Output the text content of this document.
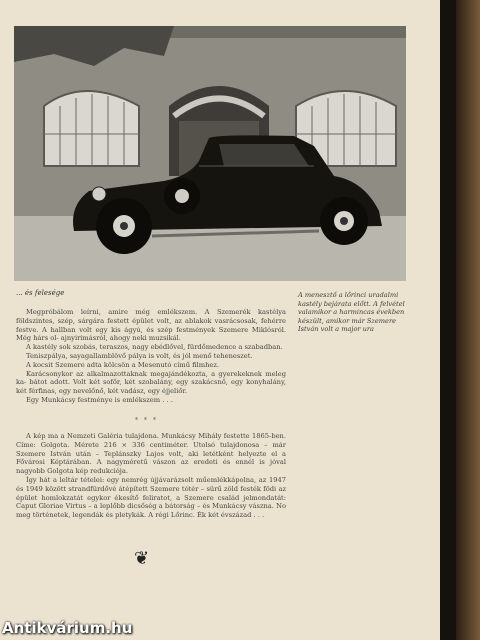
... és felesége	A menesztő a lőrinci uradalmi kastély bejárata előtt. A felvétel valamikor a harmincas években készült, amikor már Szemere István volt a major ura

Megpróbálom leírni, amire még emlékszem. A Szemerék kastélya földszintes, szép, sárgára festett épület volt, az ablakok vasrácsosak, fehérre festve. A hallban volt egy kis ágyú, és szép festmények Szemere Miklósról. Még hárs ol- ajnyirimásról, ahogy neki muzsikál.

A kastély sok szobás, teraszos, nagy ebédlővel, fürdőmedence a szabadban.

Teniszpálya, sayagallamblövő pálya is volt, és jól menő teheneszet.

A kocsit Szemere adta kölcsön a Mesenutó című filmhez.

Karácsonykor az alkalmazottaknak megajándékozta, a gyerekeknek meleg ka- bátot adott. Volt két sofőr, két szobalány, egy szakácsnő, egy konyhalány, két férfinas, egy nevelőnő, két vadász, egy éjjeliőr.

Egy Munkácsy festménye is emlékszem . . .

* * *

A kép ma a Nemzeti Galéria tulajdona. Munkácsy Mihály festette 1865-ben. Címe: Golgota. Mérete 216 × 336 centiméter. Utolsó tulajdonosa – már Szemere István után – Teplánszky Lajos volt, aki letétként helyezte el a Fővárosi Képtárában. A nagyméretű vászon az eredeti és ennél is jóval nagyobb Golgota kép redukciója.

Így hát a leltár tételei: egy nemrég újjávarázsolt műemlékkápolna, az 1947 és 1949 között strandfürdővé átépített Szemere tótér – sürű zöld festék födi az épület homlokzatát egykor ékesítő feliratot, a Szemere család jelmondatát: Caput Gloriae Virtus – a leplőbb dicsőség a bátorság – és Munkácsy vászna. No meg történetek, legendák és pletykák. A régi Lőrinc. Ék két évszázad . . .

❦
Antikvárium.hu
